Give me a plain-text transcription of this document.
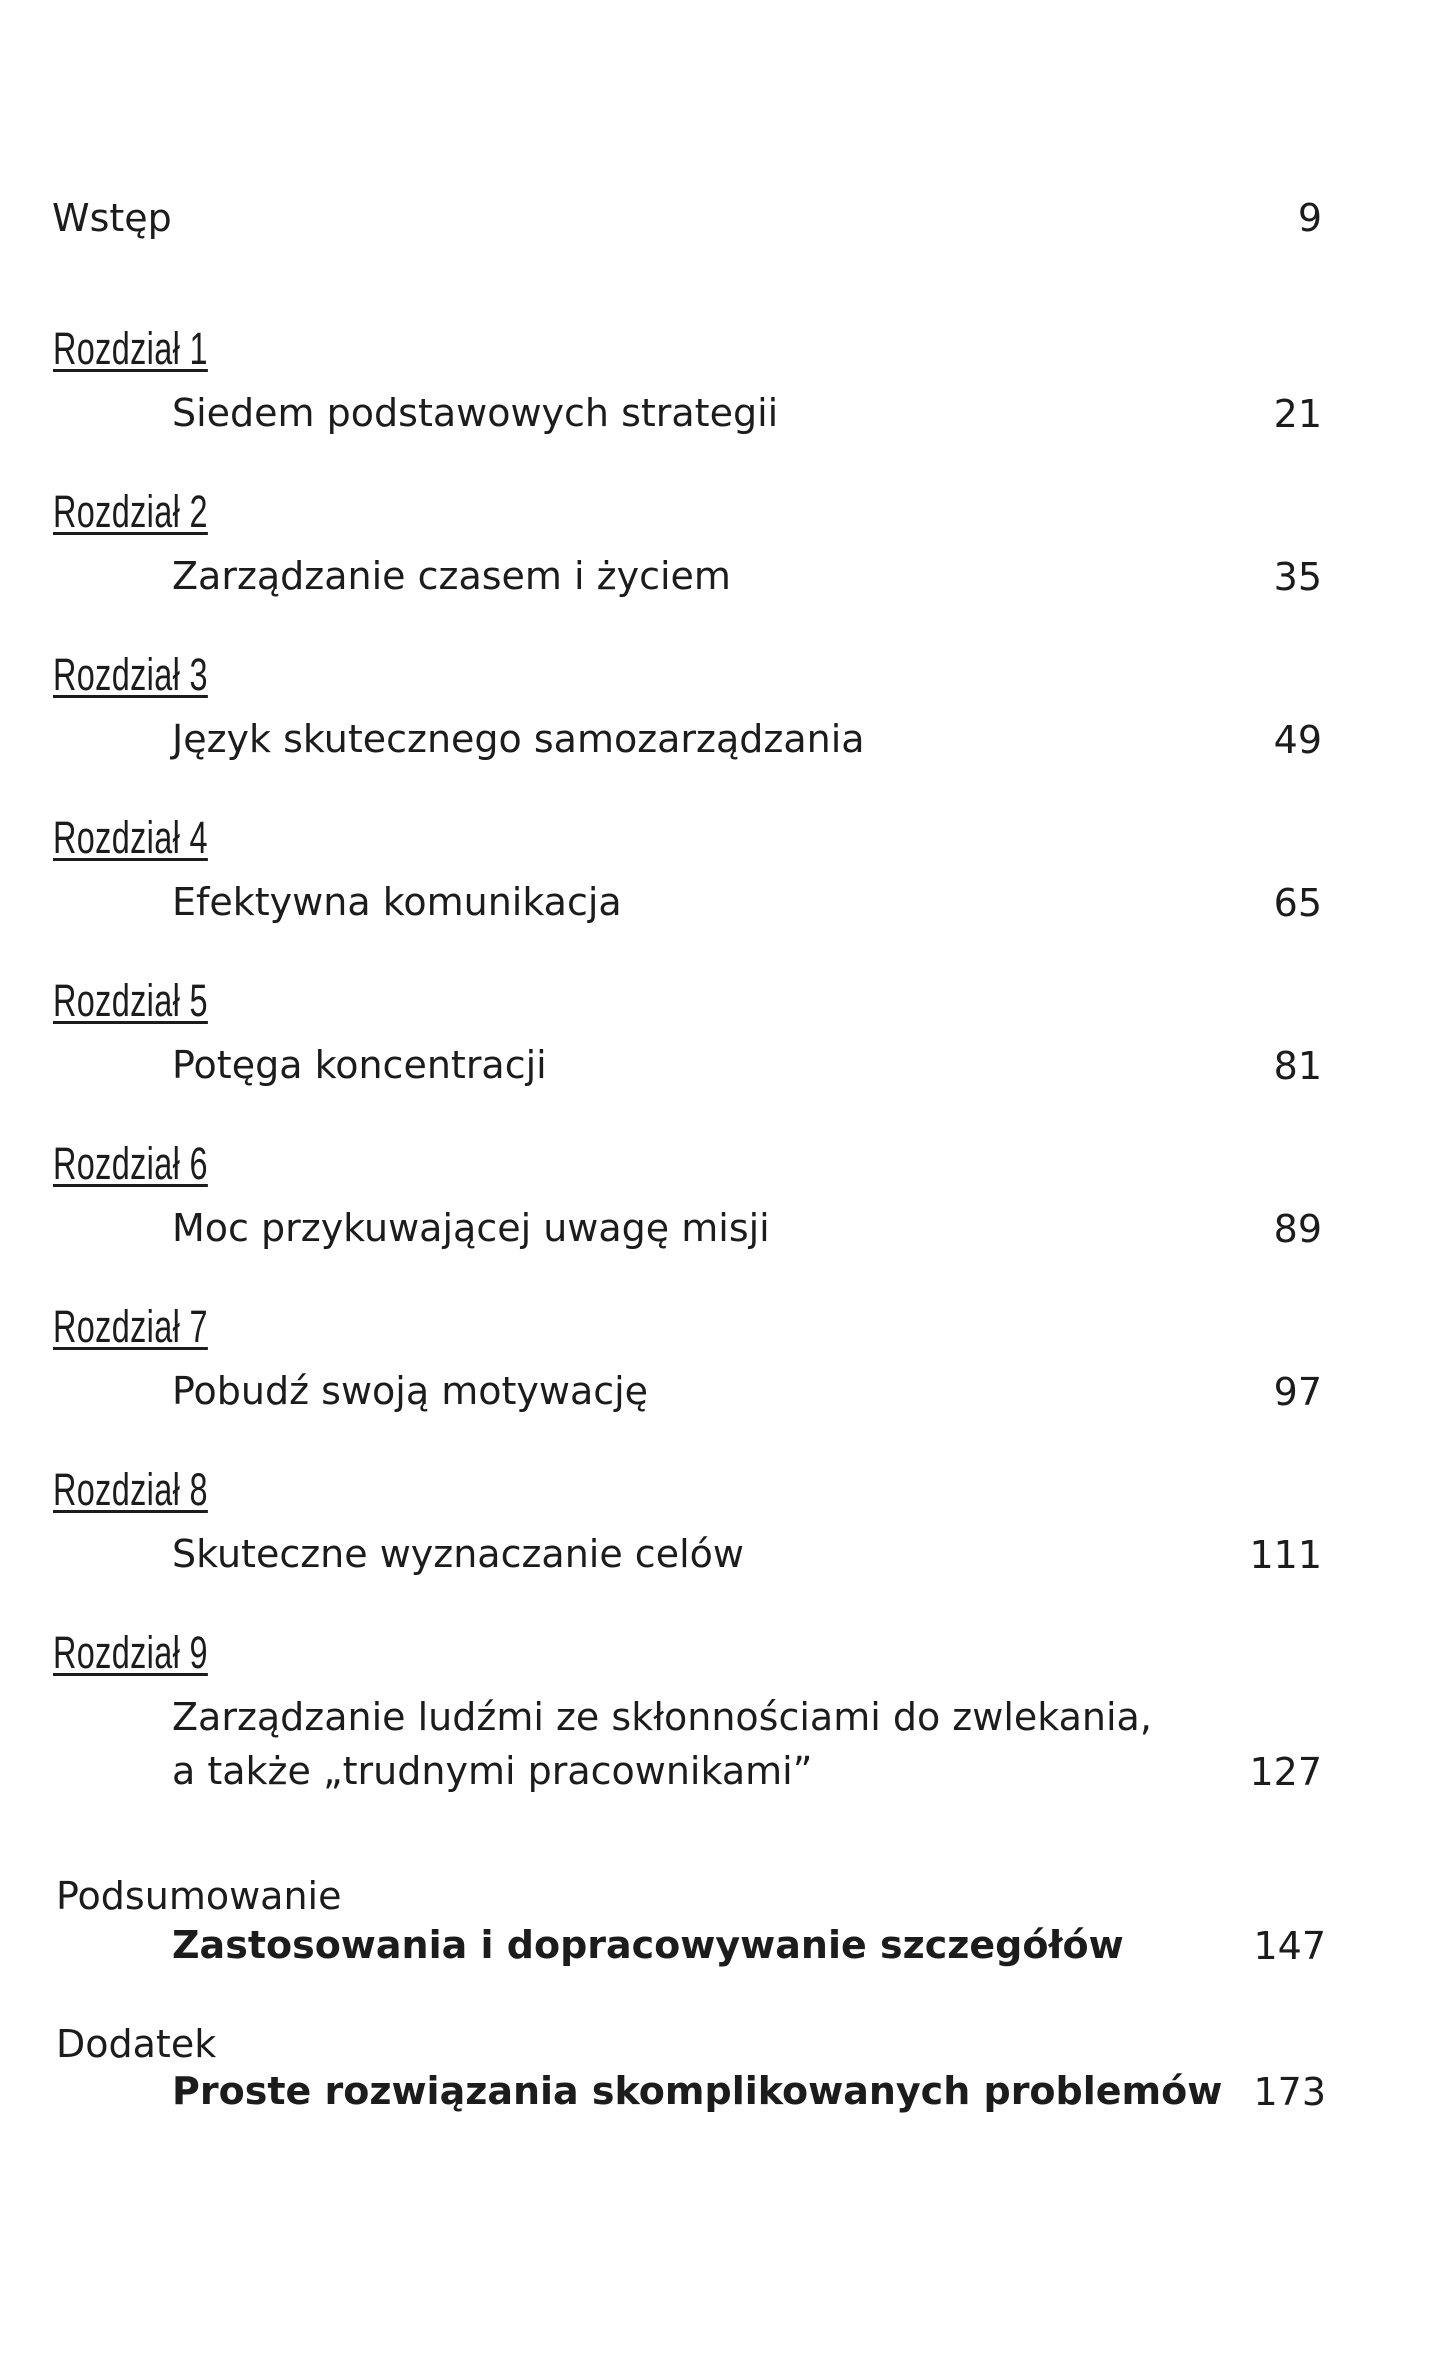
Wstęp	9
Rozdział 1
Siedem podstawowych strategii	21
Rozdział 2
Zarządzanie czasem i życiem	35
Rozdział 3
Język skutecznego samozarządzania	49
Rozdział 4
Efektywna komunikacja	65
Rozdział 5
Potęga koncentracji	81
Rozdział 6
Moc przykuwającej uwagę misji	89
Rozdział 7
Pobudź swoją motywację	97
Rozdział 8
Skuteczne wyznaczanie celów	111
Rozdział 9
Zarządzanie ludźmi ze skłonnościami do zwlekania,
a także „trudnymi pracownikami”	127
Podsumowanie
Zastosowania i dopracowywanie szczegółów	147
Dodatek
Proste rozwiązania skomplikowanych problemów 173
